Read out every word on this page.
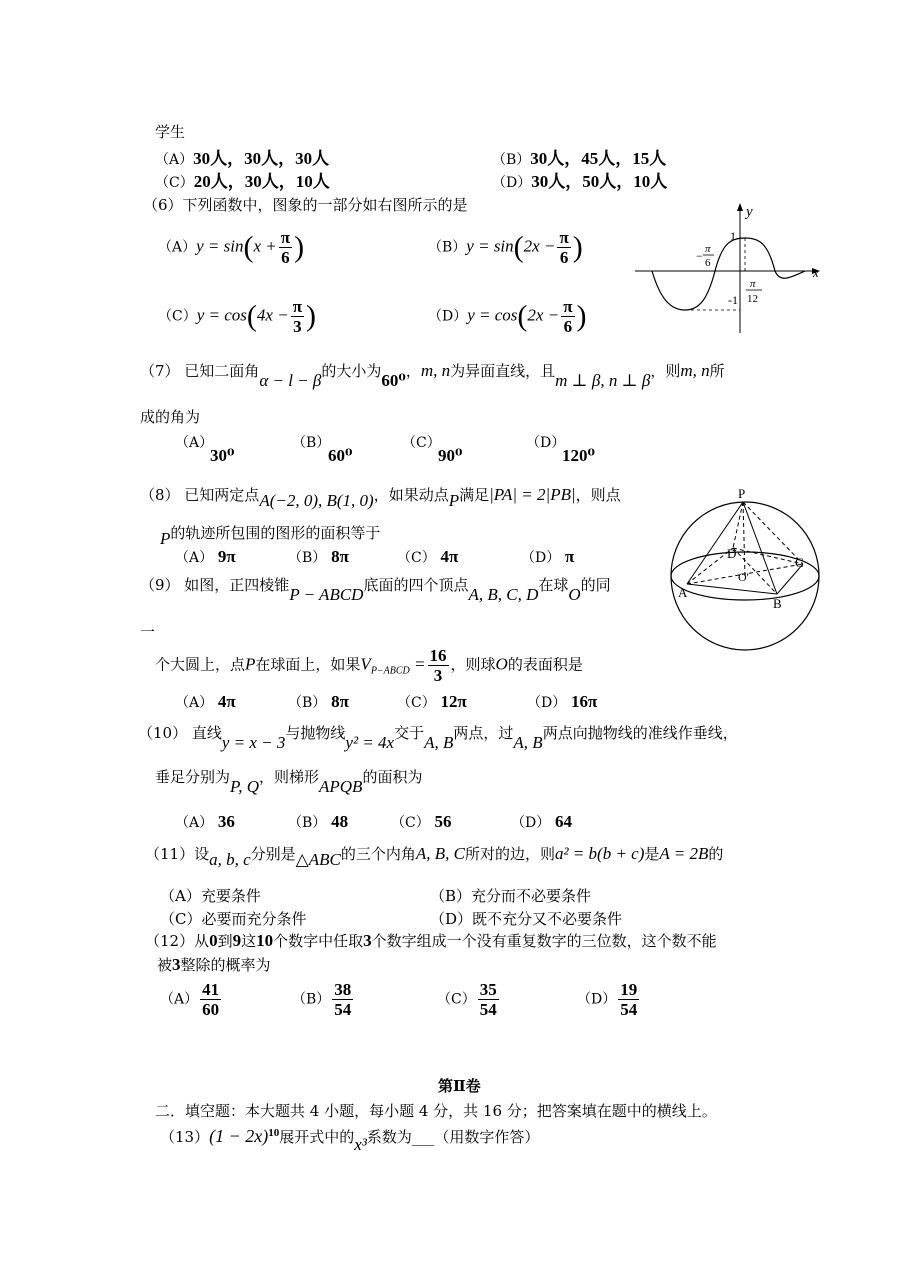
学生
（A）30人，30人，30人	（B）30人，45人，15人
（C）20人，30人，10人	（D）30人，50人，10人
（6）下列函数中，图象的一部分如右图所示的是
$(A)y = \sin(x + \frac{\pi}{6}$ )	$(B)y = \sin(2x - \frac{\pi}{6}$ )
$(C)y = \cos(4x - \frac{\pi}{3}$ )	$(D)y = \cos(2x - \frac{\pi}{6}$ )
y
x
1
-1
− π
6
π
12
（7） 已知二面角α − l − β的大小为60⁰，m, n为异面直线，且m ⊥ β, n ⊥ β，则m, n所
成的角为
（A）
30⁰
（B）
60⁰
（C）
90⁰
（D）
120⁰
（8） 已知两定点A(−2, 0), B(1, 0)，如果动点P满足|PA| = 2|PB|，则点
P的轨迹所包围的图形的面积等于
（A） 9π	（B） 8π	（C） 4π	（D） π
P
D
C
O'
A
B
（9） 如图，正四棱锥P − ABCD底面的四个顶点A, B, C, D在球O的同
一
个大圆上，点P在球面上，如果$V_{P-ABCD} = \frac{16}{3}$ ，则球O的表面积是
（A） 4π	（B） 8π	（C） 12π	（D） 16π
（10） 直线y = x − 3与抛物线y² = 4x交于A, B两点，过A, B两点向抛物线的准线作垂线，
垂足分别为P, Q，则梯形APQB的面积为
（A） 36	（B） 48	（C） 56	（D） 64
（11）设a, b, c分别是△ABC的三个内角A, B, C所对的边，则a² = b(b + c)是A = 2B的
（A）充要条件	（B）充分而不必要条件
（C）必要而充分条件	（D）既不充分又不必要条件
（12）从0到9这10个数字中任取3个数字组成一个没有重复数字的三位数，这个数不能
被3整除的概率为
$(A) \frac{41}{60}$	$(B) \frac{38}{54}$	$(C) \frac{35}{54}$	$(D) \frac{19}{54}$
第Ⅱ卷
二．填空题：本大题共 4 小题，每小题 4 分，共 16 分；把答案填在题中的横线上。
$(13)(1 - 2x)^{10}$展开式中的x³系数为___（用数字作答）
